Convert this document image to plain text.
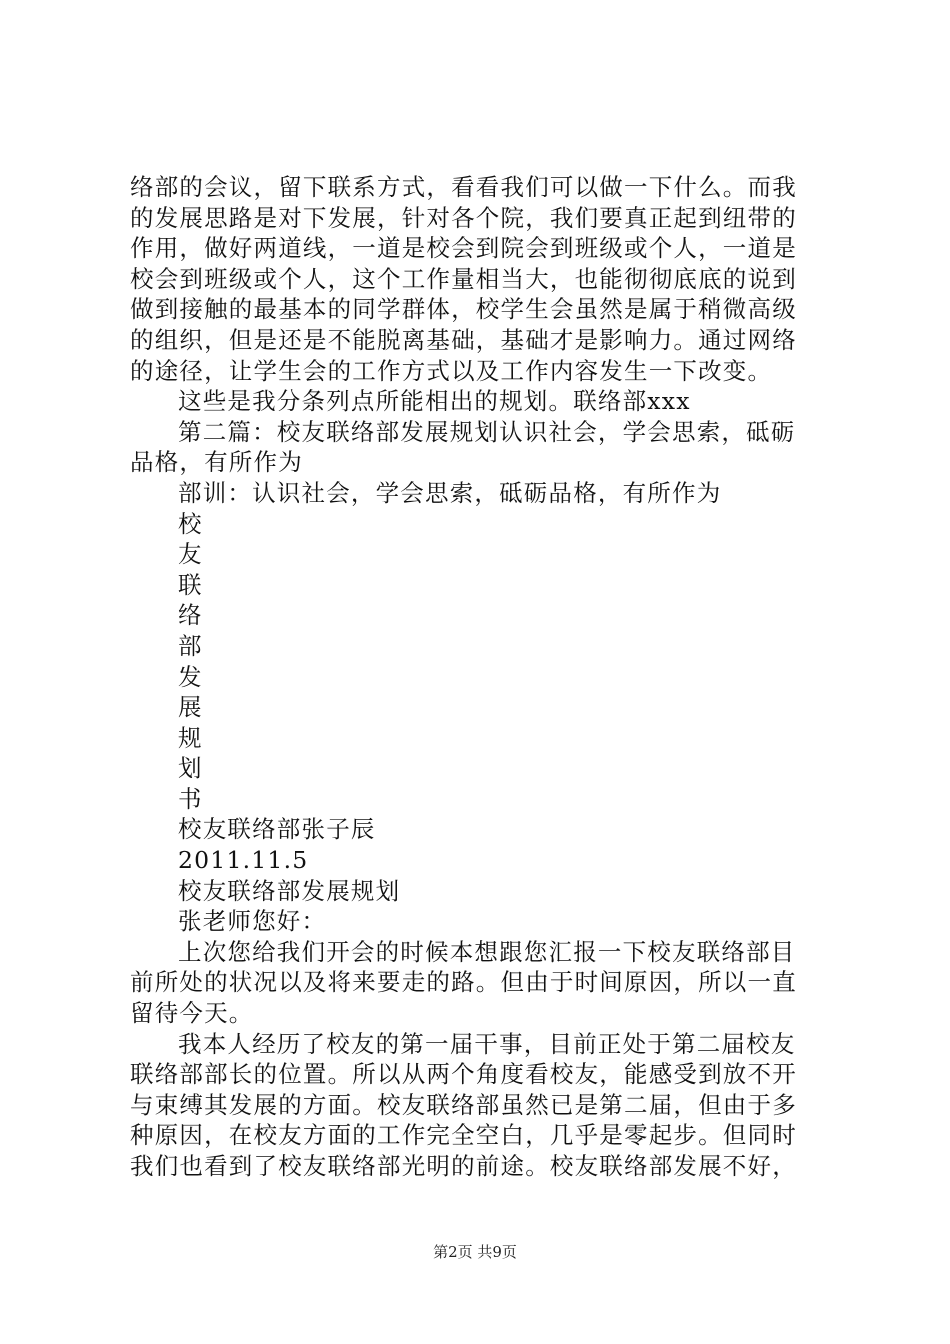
络部的会议，留下联系方式，看看我们可以做一下什么。而我
的发展思路是对下发展，针对各个院，我们要真正起到纽带的
作用，做好两道线，一道是校会到院会到班级或个人，一道是
校会到班级或个人，这个工作量相当大，也能彻彻底底的说到
做到接触的最基本的同学群体，校学生会虽然是属于稍微高级
的组织，但是还是不能脱离基础，基础才是影响力。通过网络
的途径，让学生会的工作方式以及工作内容发生一下改变。
这些是我分条列点所能相出的规划。联络部xxx
第二篇：校友联络部发展规划认识社会，学会思索，砥砺
品格，有所作为
部训：认识社会，学会思索，砥砺品格，有所作为
校
友
联
络
部
发
展
规
划
书
校友联络部张子辰
2011.11.5
校友联络部发展规划
张老师您好：
上次您给我们开会的时候本想跟您汇报一下校友联络部目
前所处的状况以及将来要走的路。但由于时间原因，所以一直
留待今天。
我本人经历了校友的第一届干事，目前正处于第二届校友
联络部部长的位置。所以从两个角度看校友，能感受到放不开
与束缚其发展的方面。校友联络部虽然已是第二届，但由于多
种原因，在校友方面的工作完全空白，几乎是零起步。但同时
我们也看到了校友联络部光明的前途。校友联络部发展不好，
第2页 共9页
